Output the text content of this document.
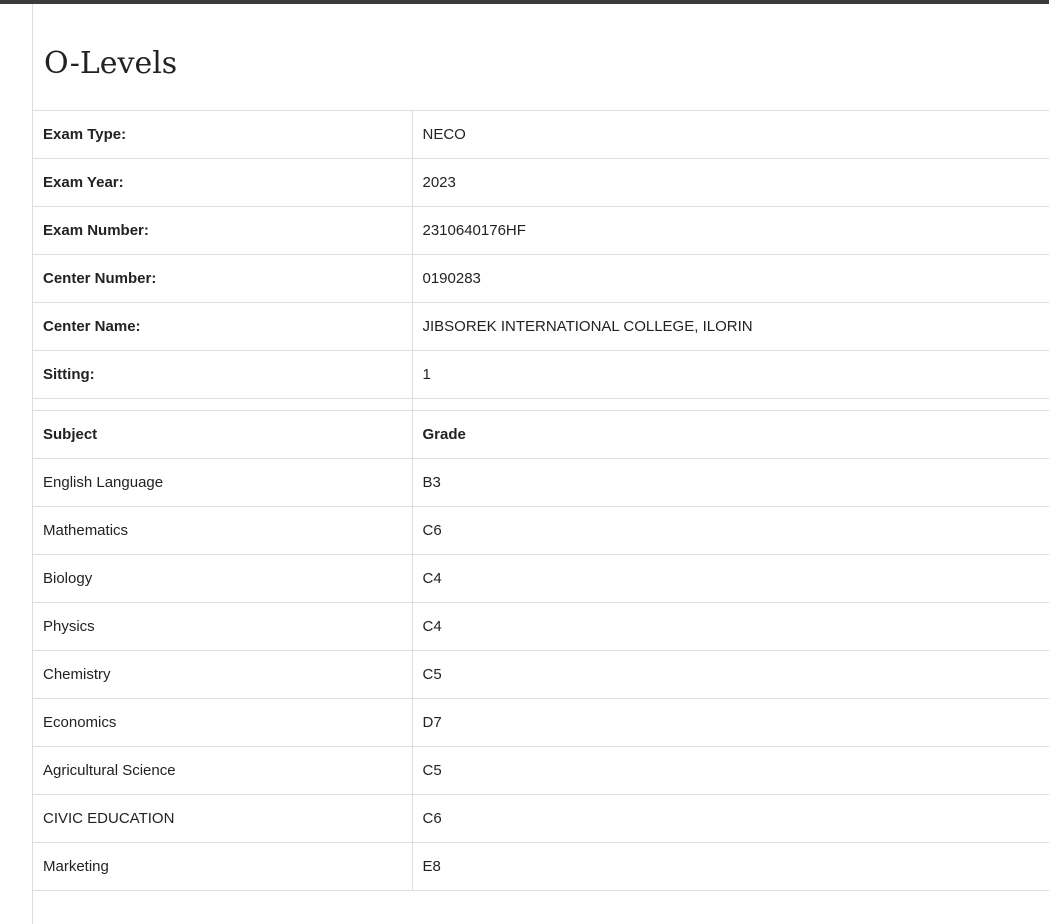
O-Levels
Exam Type:	NECO
Exam Year:	2023
Exam Number:	2310640176HF
Center Number:	0190283
Center Name:	JIBSOREK INTERNATIONAL COLLEGE, ILORIN
Sitting:	1

Subject	Grade
English Language	B3
Mathematics	C6
Biology	C4
Physics	C4
Chemistry	C5
Economics	D7
Agricultural Science	C5
CIVIC EDUCATION	C6
Marketing	E8
